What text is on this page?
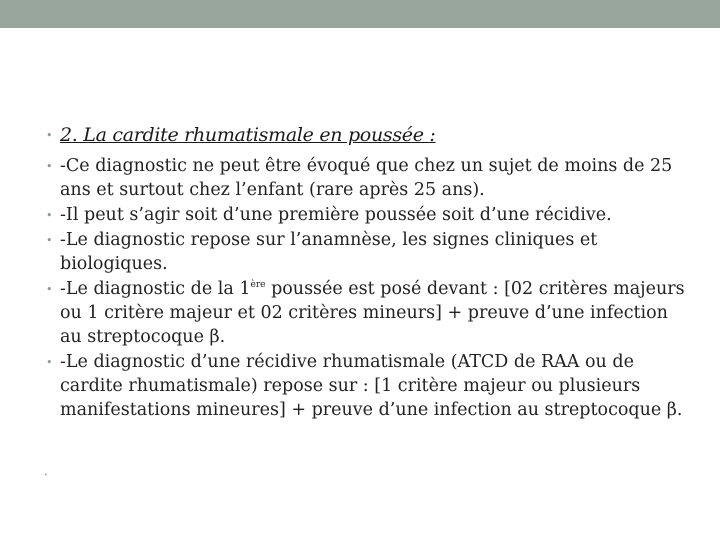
• 2. La cardite rhumatismale en poussée :
• -Ce diagnostic ne peut être évoqué que chez un sujet de moins de 25 ans et surtout chez l’enfant (rare après 25 ans).
• -Il peut s’agir soit d’une première poussée soit d’une récidive.
• -Le diagnostic repose sur l’anamnèse, les signes cliniques et biologiques.
• -Le diagnostic de la 1ère poussée est posé devant : [02 critères majeurs ou 1 critère majeur et 02 critères mineurs] + preuve d’une infection au streptocoque β.
• -Le diagnostic d’une récidive rhumatismale (ATCD de RAA ou de cardite rhumatismale) repose sur : [1 critère majeur ou plusieurs manifestations mineures] + preuve d’une infection au streptocoque β.
•
